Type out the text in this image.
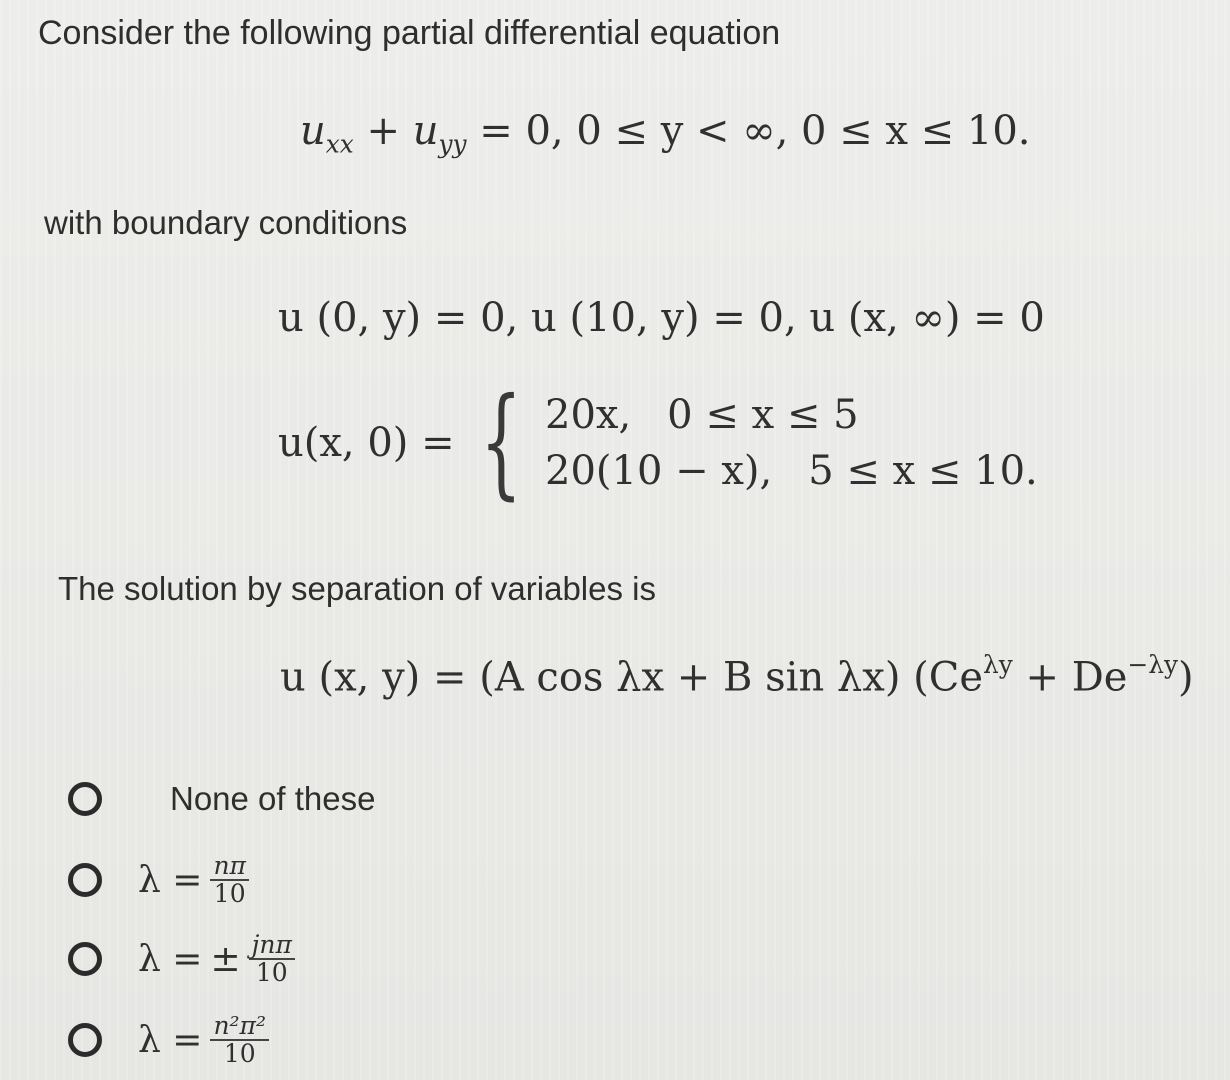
Consider the following partial differential equation
$u_{xx} + u_{yy} = 0$, 0 ≤ y < ∞, 0 ≤ x ≤ 10.
with boundary conditions
u (0, y) = 0, u (10, y) = 0, u (x, ∞) = 0
u(x, 0) = { 20x, 0 ≤ x ≤ 5
20(10 − x), 5 ≤ x ≤ 10.
The solution by separation of variables is
u (x, y) = (A cos λx + B sin λx) $(Ce^{\lambda y} + De^{-\lambda y})$
None of these
$\lambda = \frac{n\pi}{10}$
λ = ± $\frac{\text{jnπ}}{10}$
$\lambda = \frac{\text{n²π²}}{10}$
